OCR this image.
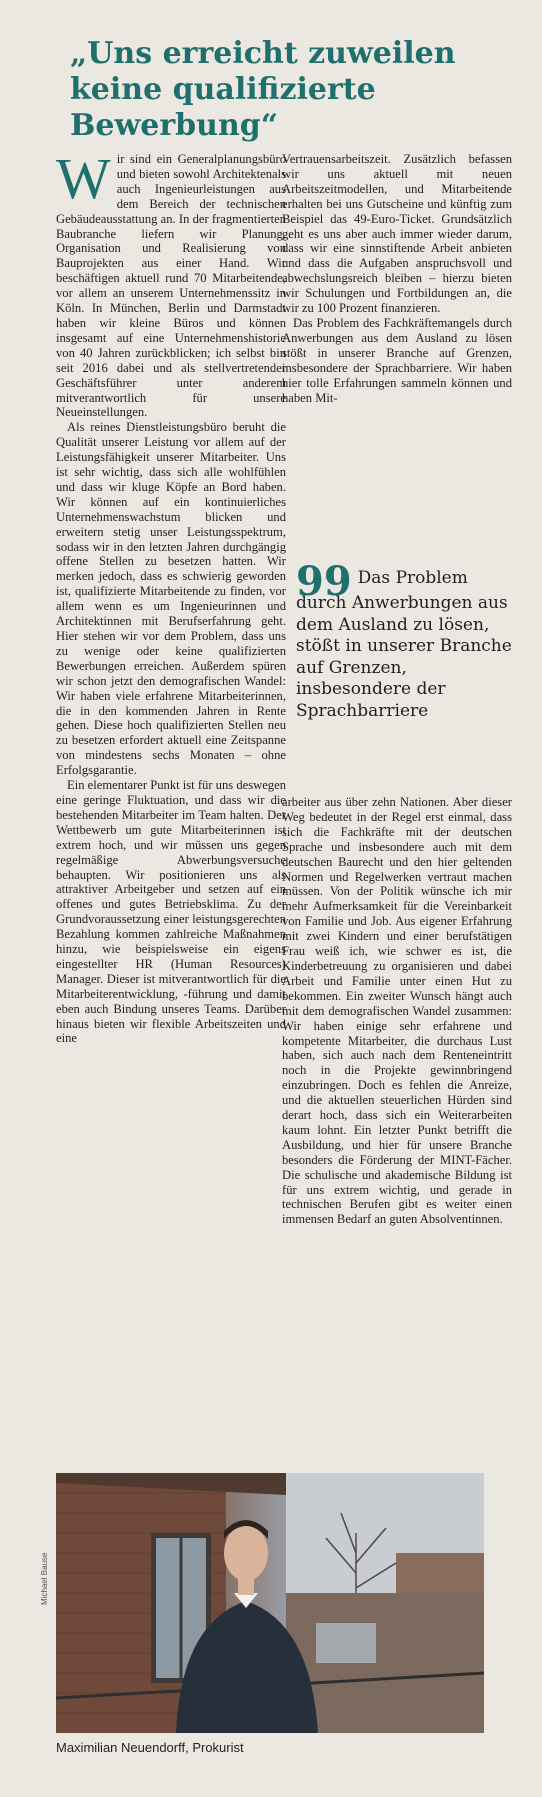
„Uns erreicht zuweilen keine qualifizierte Bewerbung“

Wir sind ein Generalplanungsbüro und bieten sowohl Architektenals auch Ingenieurleistungen aus dem Bereich der technischen Gebäudeausstattung an. In der fragmentierten Baubranche liefern wir Planung, Organisation und Realisierung von Bauprojekten aus einer Hand. Wir beschäftigen aktuell rund 70 Mitarbeitende, vor allem an unserem Unternehmenssitz in Köln. In München, Berlin und Darmstadt haben wir kleine Büros und können insgesamt auf eine Unternehmenshistorie von 40 Jahren zurückblicken; ich selbst bin seit 2016 dabei und als stellvertretender Geschäftsführer unter anderem mitverantwortlich für unsere Neueinstellungen.

Als reines Dienstleistungsbüro beruht die Qualität unserer Leistung vor allem auf der Leistungsfähigkeit unserer Mitarbeiter. Uns ist sehr wichtig, dass sich alle wohlfühlen und dass wir kluge Köpfe an Bord haben. Wir können auf ein kontinuierliches Unternehmenswachstum blicken und erweitern stetig unser Leistungsspektrum, sodass wir in den letzten Jahren durchgängig offene Stellen zu besetzen hatten. Wir merken jedoch, dass es schwierig geworden ist, qualifizierte Mitarbeitende zu finden, vor allem wenn es um Ingenieurinnen und Architektinnen mit Berufserfahrung geht. Hier stehen wir vor dem Problem, dass uns zu wenige oder keine qualifizierten Bewerbungen erreichen. Außerdem spüren wir schon jetzt den demografischen Wandel: Wir haben viele erfahrene Mitarbeiterinnen, die in den kommenden Jahren in Rente gehen. Diese hoch qualifizierten Stellen neu zu besetzen erfordert aktuell eine Zeitspanne von mindestens sechs Monaten – ohne Erfolgsgarantie.

Ein elementarer Punkt ist für uns deswegen eine geringe Fluktuation, und dass wir die bestehenden Mitarbeiter im Team halten. Der Wettbewerb um gute Mitarbeiterinnen ist extrem hoch, und wir müssen uns gegen regelmäßige Abwerbungsversuche behaupten. Wir positionieren uns als attraktiver Arbeitgeber und setzen auf ein offenes und gutes Betriebsklima. Zu der Grundvoraussetzung einer leistungsgerechten Bezahlung kommen zahlreiche Maßnahmen hinzu, wie beispielsweise ein eigens eingestellter HR (Human Resources) Manager. Dieser ist mitverantwortlich für die Mitarbeiterentwicklung, -führung und damit eben auch Bindung unseres Teams. Darüber hinaus bieten wir flexible Arbeitszeiten und eine

Vertrauensarbeitszeit. Zusätzlich befassen wir uns aktuell mit neuen Arbeitszeitmodellen, und Mitarbeitende erhalten bei uns Gutscheine und künftig zum Beispiel das 49-Euro-Ticket. Grundsätzlich geht es uns aber auch immer wieder darum, dass wir eine sinnstiftende Arbeit anbieten und dass die Aufgaben anspruchsvoll und abwechslungsreich bleiben – hierzu bieten wir Schulungen und Fortbildungen an, die wir zu 100 Prozent finanzieren.

Das Problem des Fachkräftemangels durch Anwerbungen aus dem Ausland zu lösen stößt in unserer Branche auf Grenzen, insbesondere der Sprachbarriere. Wir haben hier tolle Erfahrungen sammeln können und haben Mit-

99 Das Problem durch Anwerbungen aus dem Ausland zu lösen, stößt in unserer Branche auf Grenzen, insbesondere der Sprachbarriere

arbeiter aus über zehn Nationen. Aber dieser Weg bedeutet in der Regel erst einmal, dass sich die Fachkräfte mit der deutschen Sprache und insbesondere auch mit dem deutschen Baurecht und den hier geltenden Normen und Regelwerken vertraut machen müssen. Von der Politik wünsche ich mir mehr Aufmerksamkeit für die Vereinbarkeit von Familie und Job. Aus eigener Erfahrung mit zwei Kindern und einer berufstätigen Frau weiß ich, wie schwer es ist, die Kinderbetreuung zu organisieren und dabei Arbeit und Familie unter einen Hut zu bekommen. Ein zweiter Wunsch hängt auch mit dem demografischen Wandel zusammen: Wir haben einige sehr erfahrene und kompetente Mitarbeiter, die durchaus Lust haben, sich auch nach dem Renteneintritt noch in die Projekte gewinnbringend einzubringen. Doch es fehlen die Anreize, und die aktuellen steuerlichen Hürden sind derart hoch, dass sich ein Weiterarbeiten kaum lohnt. Ein letzter Punkt betrifft die Ausbildung, und hier für unsere Branche besonders die Förderung der MINT-Fächer. Die schulische und akademische Bildung ist für uns extrem wichtig, und gerade in technischen Berufen gibt es weiter einen immensen Bedarf an guten Absolventinnen.

Michael Bause
Maximilian Neuendorff, Prokurist
